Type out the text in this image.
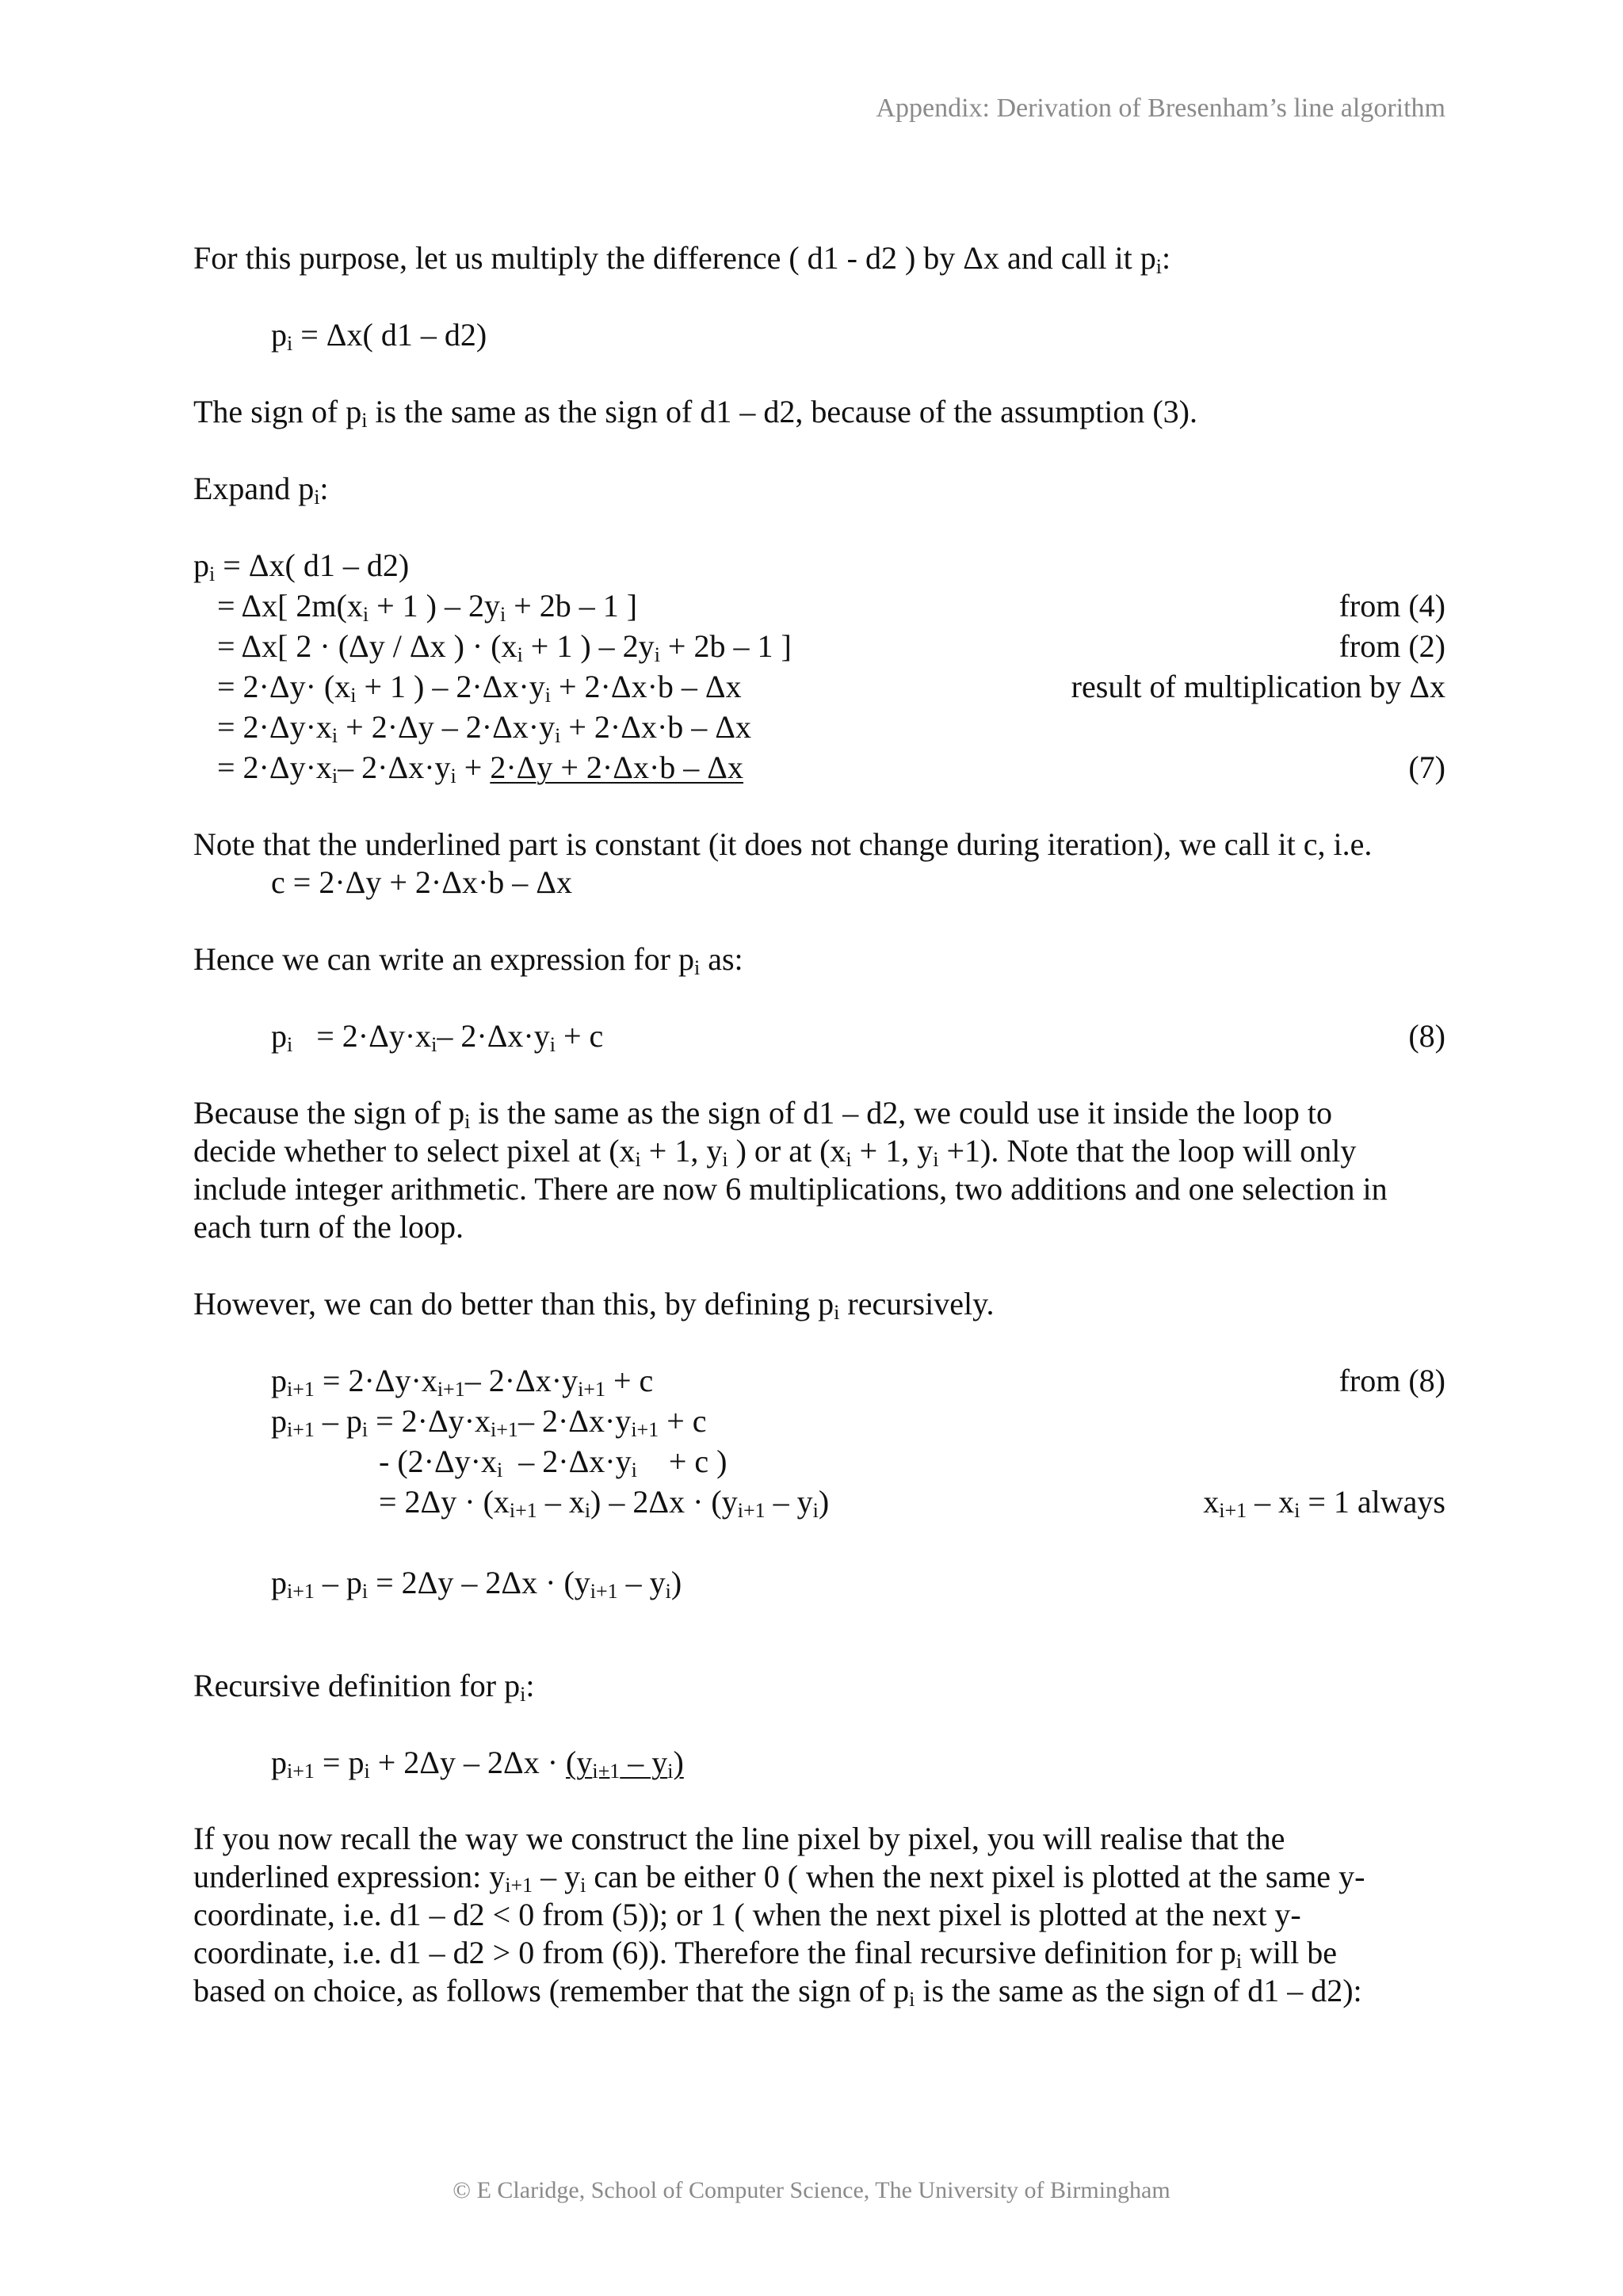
Appendix: Derivation of Bresenham’s line algorithm
For this purpose, let us multiply the difference ( d1 - d2 ) by Δx and call it $p_i$:
$p_i = \Delta x$( d1 – d2)
The sign of $p_i$ is the same as the sign of d1 – d2, because of the assumption (3).
Expand $p_i$:
$p_i = \Delta x$( d1 – d2)
= Δx[ $2m(x_i + 1$ ) – $2y_i + 2b - 1$ ]	from (4)
= Δx[ 2 · (Δy / Δx ) · ($x_i + 1$ ) – $2y_i + 2b - 1$ ]	from (2)
= $2\cdot\Delta y\cdot (x_i + 1$ ) – $2\cdot\Delta x\cdot y_i + 2\cdot\Delta x\cdot b - \Delta x$	result of multiplication by Δx
= $2\cdot\Delta y\cdot x_i + 2\cdot\Delta y - 2\cdot\Delta x\cdot y_i + 2\cdot\Delta x\cdot b - \Delta x$
= $2\cdot\Delta y\cdot x_i-$ $2\cdot\Delta x\cdot y_i + 2\cdot\Delta y + 2\cdot\Delta x\cdot b - \Delta x$	(7)
Note that the underlined part is constant (it does not change during iteration), we call it c, i.e.
c = 2·Δy + 2·Δx·b – Δx
Hence we can write an expression for $p_i$ as:
$p_i = 2\cdot\Delta y\cdot x_i-$ $2\cdot\Delta x\cdot y_i + c$	(8)
Because the sign of $p_i$ is the same as the sign of d1 – d2, we could use it inside the loop to
decide whether to select pixel at ($x_i + 1$, $y_i$ ) or at ($x_i + 1$, $y_i +1$). Note that the loop will only
include integer arithmetic. There are now 6 multiplications, two additions and one selection in
each turn of the loop.
However, we can do better than this, by defining $p_i$ recursively.
$p_{i+1} = 2\cdot\Delta y\cdot x_{i+1}-$ $2\cdot\Delta x\cdot y_{i+1} + c$	from (8)
$p_{i+1} - p_i = 2\cdot\Delta y\cdot x_{i+1}-$ $2\cdot\Delta x\cdot y_{i+1} + c$
- ($2\cdot\Delta y\cdot x_i - 2\cdot\Delta x\cdot y_i$    + c )
= $2\Delta y \cdot (x_{i+1} - x_i) - 2\Delta x \cdot (y_{i+1} - y_i)$	$x_{i+1} - x_i = 1$ always
$p_{i+1} - p_i = 2\Delta y - 2\Delta x \cdot (y_{i+1} - y_i)$
Recursive definition for $p_i$:
$p_{i+1} = p_i + 2\Delta y - 2\Delta x \cdot (y_{i+1} - y_i)$
If you now recall the way we construct the line pixel by pixel, you will realise that the
underlined expression: $y_{i+1} - y_i$ can be either 0 ( when the next pixel is plotted at the same y-
coordinate, i.e. d1 – d2 < 0 from (5)); or 1 ( when the next pixel is plotted at the next y-
coordinate, i.e. d1 – d2 > 0 from (6)). Therefore the final recursive definition for $p_i$ will be
based on choice, as follows (remember that the sign of $p_i$ is the same as the sign of d1 – d2):
© E Claridge, School of Computer Science, The University of Birmingham
